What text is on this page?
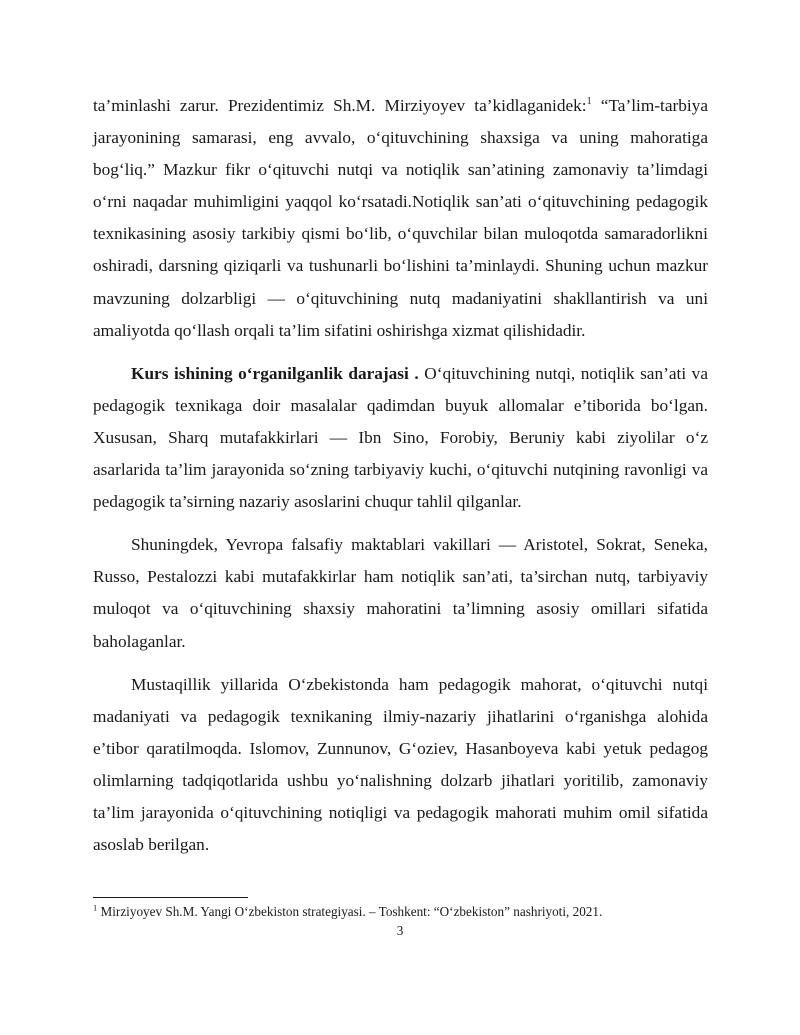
ta’minlashi zarur. Prezidentimiz Sh.M. Mirziyoyev ta’kidlaganidek:$^1$ “Ta’lim-tarbiya jarayonining samarasi, eng avvalo, o‘qituvchining shaxsiga va uning mahoratiga bog‘liq.” Mazkur fikr o‘qituvchi nutqi va notiqlik san’atining zamonaviy ta’limdagi o‘rni naqadar muhimligini yaqqol ko‘rsatadi.Notiqlik san’ati o‘qituvchining pedagogik texnikasining asosiy tarkibiy qismi bo‘lib, o‘quvchilar bilan muloqotda samaradorlikni oshiradi, darsning qiziqarli va tushunarli bo‘lishini ta’minlaydi. Shuning uchun mazkur mavzuning dolzarbligi — o‘qituvchining nutq madaniyatini shakllantirish va uni amaliyotda qo‘llash orqali ta’lim sifatini oshirishga xizmat qilishidadir.

Kurs ishining o‘rganilganlik darajasi . O‘qituvchining nutqi, notiqlik san’ati va pedagogik texnikaga doir masalalar qadimdan buyuk allomalar e’tiborida bo‘lgan. Xususan, Sharq mutafakkirlari — Ibn Sino, Forobiy, Beruniy kabi ziyolilar o‘z asarlarida ta’lim jarayonida so‘zning tarbiyaviy kuchi, o‘qituvchi nutqining ravonligi va pedagogik ta’sirning nazariy asoslarini chuqur tahlil qilganlar.

Shuningdek, Yevropa falsafiy maktablari vakillari — Aristotel, Sokrat, Seneka, Russo, Pestalozzi kabi mutafakkirlar ham notiqlik san’ati, ta’sirchan nutq, tarbiyaviy muloqot va o‘qituvchining shaxsiy mahoratini ta’limning asosiy omillari sifatida baholaganlar.

Mustaqillik yillarida O‘zbekistonda ham pedagogik mahorat, o‘qituvchi nutqi madaniyati va pedagogik texnikaning ilmiy-nazariy jihatlarini o‘rganishga alohida e’tibor qaratilmoqda. Islomov, Zunnunov, G‘oziev, Hasanboyeva kabi yetuk pedagog olimlarning tadqiqotlarida ushbu yo‘nalishning dolzarb jihatlari yoritilib, zamonaviy ta’lim jarayonida o‘qituvchining notiqligi va pedagogik mahorati muhim omil sifatida asoslab berilgan.

$^1$ Mirziyoyev Sh.M. Yangi O‘zbekiston strategiyasi. – Toshkent: “O‘zbekiston” nashriyoti, 2021.

3
